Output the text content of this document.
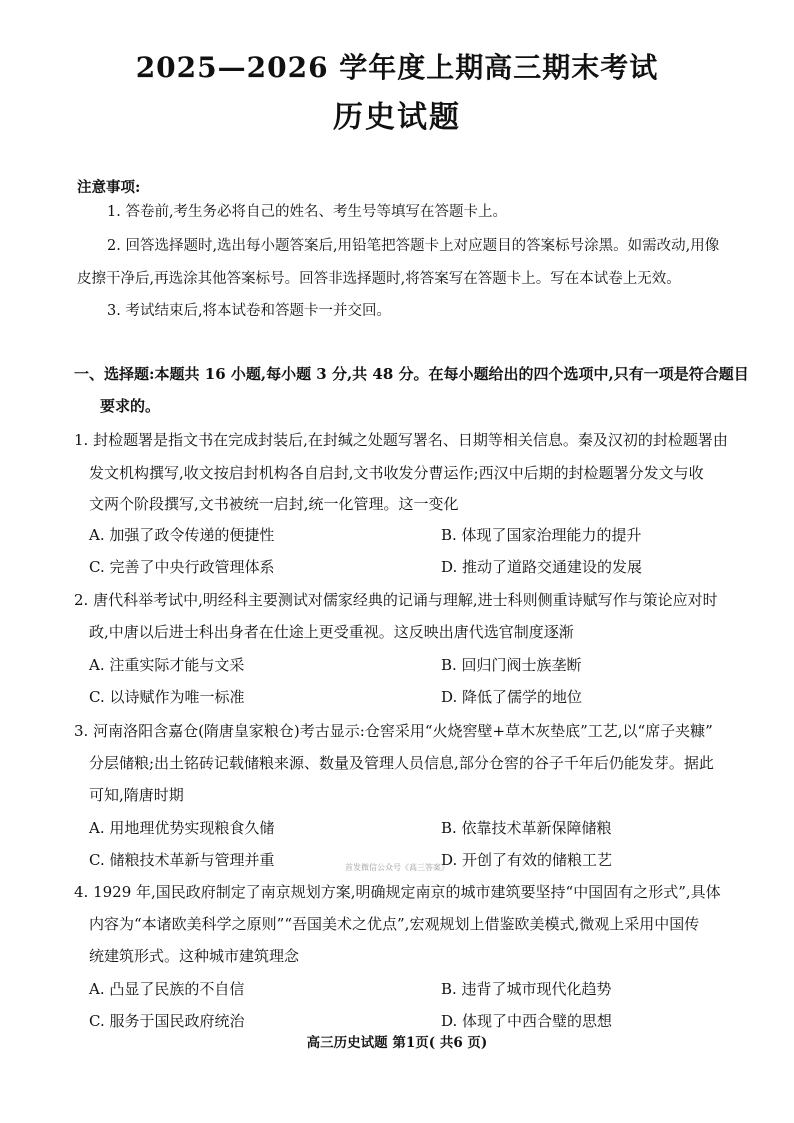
2025—2026 学年度上期高三期末考试
历史试题
注意事项:
1. 答卷前,考生务必将自己的姓名、考生号等填写在答题卡上。
2. 回答选择题时,选出每小题答案后,用铅笔把答题卡上对应题目的答案标号涂黑。如需改动,用像
皮擦干净后,再选涂其他答案标号。回答非选择题时,将答案写在答题卡上。写在本试卷上无效。
3. 考试结束后,将本试卷和答题卡一并交回。
一、选择题:本题共 16 小题,每小题 3 分,共 48 分。在每小题给出的四个选项中,只有一项是符合题目
要求的。
1. 封检题署是指文书在完成封装后,在封缄之处题写署名、日期等相关信息。秦及汉初的封检题署由
发文机构撰写,收文按启封机构各自启封,文书收发分曹运作;西汉中后期的封检题署分发文与收
文两个阶段撰写,文书被统一启封,统一化管理。这一变化
A. 加强了政令传递的便捷性	B. 体现了国家治理能力的提升
C. 完善了中央行政管理体系	D. 推动了道路交通建设的发展
2. 唐代科举考试中,明经科主要测试对儒家经典的记诵与理解,进士科则侧重诗赋写作与策论应对时
政,中唐以后进士科出身者在仕途上更受重视。这反映出唐代选官制度逐渐
A. 注重实际才能与文采	B. 回归门阀士族垄断
C. 以诗赋作为唯一标准	D. 降低了儒学的地位
3. 河南洛阳含嘉仓(隋唐皇家粮仓)考古显示:仓窖采用“火烧窖壁+草木灰垫底”工艺,以“席子夹糠”
分层储粮;出土铭砖记载储粮来源、数量及管理人员信息,部分仓窖的谷子千年后仍能发芽。据此
可知,隋唐时期
A. 用地理优势实现粮食久储	B. 依靠技术革新保障储粮
C. 储粮技术革新与管理并重	D. 开创了有效的储粮工艺
首发微信公众号《高三答案》
4. 1929 年,国民政府制定了南京规划方案,明确规定南京的城市建筑要坚持“中国固有之形式”,具体
内容为“本诸欧美科学之原则”“吾国美术之优点”,宏观规划上借鉴欧美模式,微观上采用中国传
统建筑形式。这种城市建筑理念
A. 凸显了民族的不自信	B. 违背了城市现代化趋势
C. 服务于国民政府统治	D. 体现了中西合璧的思想
高三历史试题 第1页( 共6 页)
